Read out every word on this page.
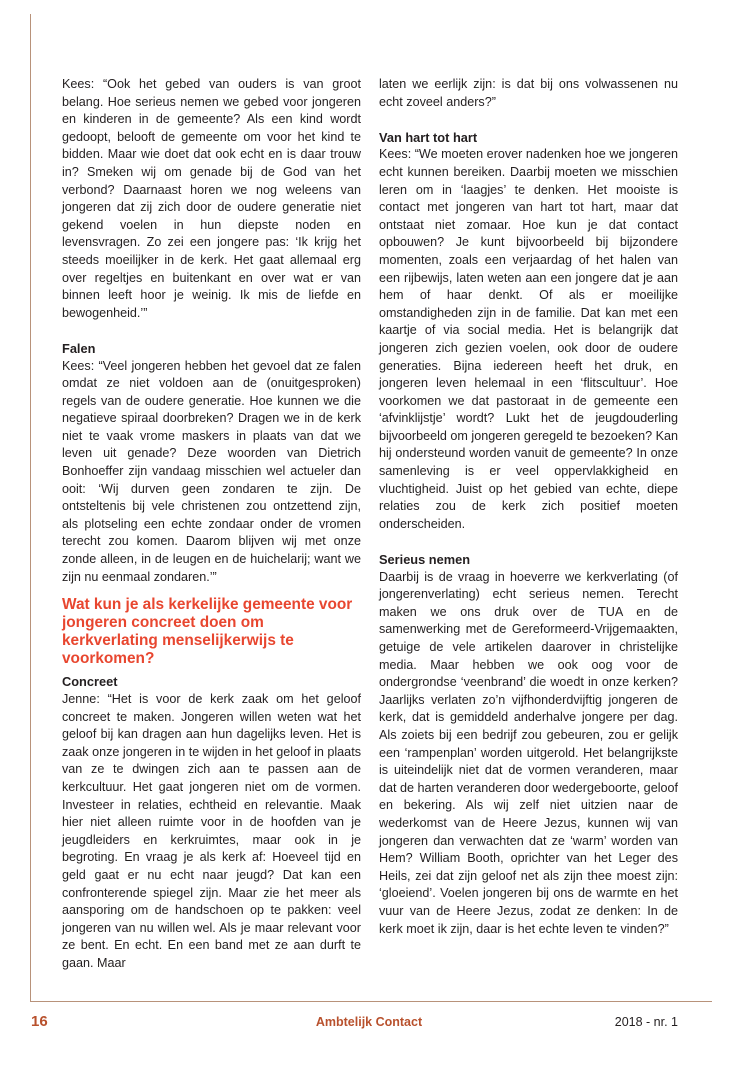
Kees: “Ook het gebed van ouders is van groot belang. Hoe serieus nemen we gebed voor jongeren en kinderen in de gemeente? Als een kind wordt gedoopt, belooft de gemeente om voor het kind te bidden. Maar wie doet dat ook echt en is daar trouw in? Smeken wij om genade bij de God van het verbond? Daarnaast horen we nog weleens van jongeren dat zij zich door de oudere generatie niet gekend voelen in hun diepste noden en levensvragen. Zo zei een jongere pas: ‘Ik krijg het steeds moeilijker in de kerk. Het gaat allemaal erg over regeltjes en buitenkant en over wat er van binnen leeft hoor je weinig. Ik mis de liefde en bewogenheid.’”

Falen

Kees: “Veel jongeren hebben het gevoel dat ze falen omdat ze niet voldoen aan de (onuitgesproken) regels van de oudere generatie. Hoe kunnen we die negatieve spiraal doorbreken? Dragen we in de kerk niet te vaak vrome maskers in plaats van dat we leven uit genade? Deze woorden van Dietrich Bonhoeffer zijn vandaag misschien wel actueler dan ooit: ‘Wij durven geen zondaren te zijn. De ontsteltenis bij vele christenen zou ontzettend zijn, als plotseling een echte zondaar onder de vromen terecht zou komen. Daarom blijven wij met onze zonde alleen, in de leugen en de huichelarij; want we zijn nu eenmaal zondaren.’”

Wat kun je als kerkelijke gemeente voor jongeren concreet doen om kerkverlating menselijkerwijs te voorkomen?
Concreet

Jenne: “Het is voor de kerk zaak om het geloof concreet te maken. Jongeren willen weten wat het geloof bij kan dragen aan hun dagelijks leven. Het is zaak onze jongeren in te wijden in het geloof in plaats van ze te dwingen zich aan te passen aan de kerkcultuur. Het gaat jongeren niet om de vormen. Investeer in relaties, echtheid en relevantie. Maak hier niet alleen ruimte voor in de hoofden van je jeugdleiders en kerkruimtes, maar ook in je begroting. En vraag je als kerk af: Hoeveel tijd en geld gaat er nu echt naar jeugd? Dat kan een confronterende spiegel zijn. Maar zie het meer als aansporing om de handschoen op te pakken: veel jongeren van nu willen wel. Als je maar relevant voor ze bent. En echt. En een band met ze aan durft te gaan. Maar

laten we eerlijk zijn: is dat bij ons volwassenen nu echt zoveel anders?”

Van hart tot hart

Kees: “We moeten erover nadenken hoe we jongeren echt kunnen bereiken. Daarbij moeten we misschien leren om in ‘laagjes’ te denken. Het mooiste is contact met jongeren van hart tot hart, maar dat ontstaat niet zomaar. Hoe kun je dat contact opbouwen? Je kunt bijvoorbeeld bij bijzondere momenten, zoals een verjaardag of het halen van een rijbewijs, laten weten aan een jongere dat je aan hem of haar denkt. Of als er moeilijke omstandigheden zijn in de familie. Dat kan met een kaartje of via social media. Het is belangrijk dat jongeren zich gezien voelen, ook door de oudere generaties. Bijna iedereen heeft het druk, en jongeren leven helemaal in een ‘flitscultuur’. Hoe voorkomen we dat pastoraat in de gemeente een ‘afvinklijstje’ wordt? Lukt het de jeugdouderling bijvoorbeeld om jongeren geregeld te bezoeken? Kan hij ondersteund worden vanuit de gemeente? In onze samenleving is er veel oppervlakkigheid en vluchtigheid. Juist op het gebied van echte, diepe relaties zou de kerk zich positief moeten onderscheiden.

Serieus nemen

Daarbij is de vraag in hoeverre we kerkverlating (of jongerenverlating) echt serieus nemen. Terecht maken we ons druk over de TUA en de samenwerking met de Gereformeerd-Vrijgemaakten, getuige de vele artikelen daarover in christelijke media. Maar hebben we ook oog voor de ondergrondse ‘veenbrand’ die woedt in onze kerken? Jaarlijks verlaten zo’n vijfhonderdvijftig jongeren de kerk, dat is gemiddeld anderhalve jongere per dag. Als zoiets bij een bedrijf zou gebeuren, zou er gelijk een ‘rampenplan’ worden uitgerold. Het belangrijkste is uiteindelijk niet dat de vormen veranderen, maar dat de harten veranderen door wedergeboorte, geloof en bekering. Als wij zelf niet uitzien naar de wederkomst van de Heere Jezus, kunnen wij van jongeren dan verwachten dat ze ‘warm’ worden van Hem? William Booth, oprichter van het Leger des Heils, zei dat zijn geloof net als zijn thee moest zijn: ‘gloeiend’. Voelen jongeren bij ons de warmte en het vuur van de Heere Jezus, zodat ze denken: In de kerk moet ik zijn, daar is het echte leven te vinden?”

16	Ambtelijk Contact	2018 - nr. 1
